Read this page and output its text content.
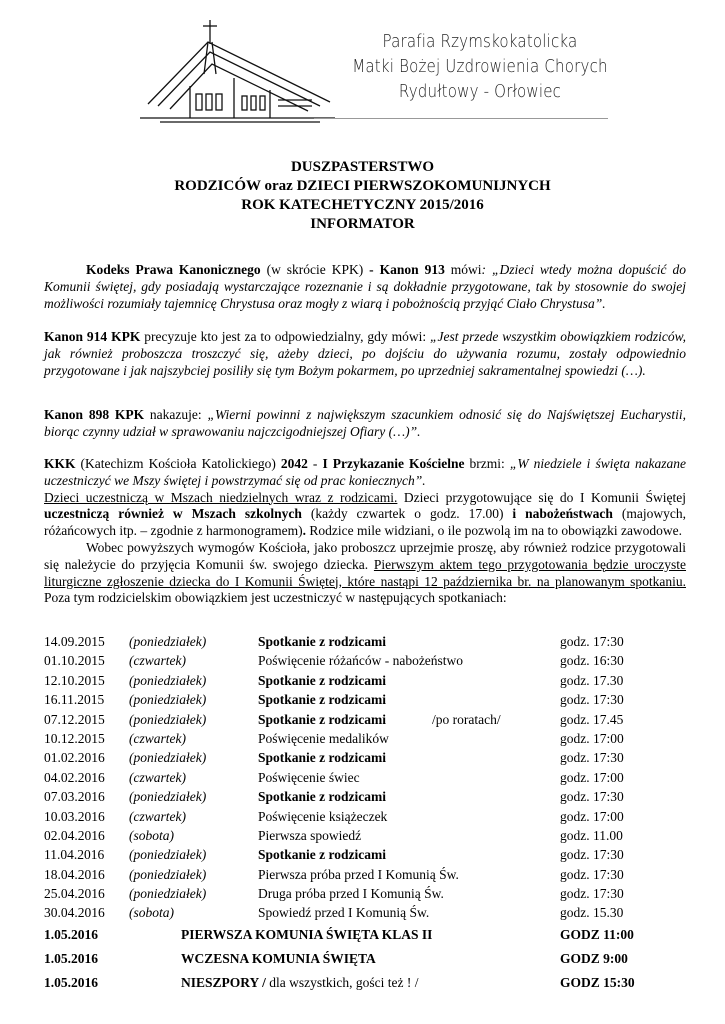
Parafia Rzymskokatolicka
Matki Bożej Uzdrowienia Chorych
Rydułtowy - Orłowiec
DUSZPASTERSTWO
RODZICÓW oraz DZIECI PIERWSZOKOMUNIJNYCH
ROK KATECHETYCZNY 2015/2016
INFORMATOR

Kodeks Prawa Kanonicznego (w skrócie KPK) - Kanon 913 mówi: „Dzieci wtedy można dopuścić do Komunii świętej, gdy posiadają wystarczające rozeznanie i są dokładnie przygotowane, tak by stosownie do swojej możliwości rozumiały tajemnicę Chrystusa oraz mogły z wiarą i pobożnością przyjąć Ciało Chrystusa”.

Kanon 914 KPK precyzuje kto jest za to odpowiedzialny, gdy mówi: „Jest przede wszystkim obowiązkiem rodziców, jak również proboszcza troszczyć się, ażeby dzieci, po dojściu do używania rozumu, zostały odpowiednio przygotowane i jak najszybciej posiliły się tym Bożym pokarmem, po uprzedniej sakramentalnej spowiedzi (…).

Kanon 898 KPK nakazuje: „Wierni powinni z największym szacunkiem odnosić się do Najświętszej Eucharystii, biorąc czynny udział w sprawowaniu najczcigodniejszej Ofiary (…)”.

KKK (Katechizm Kościoła Katolickiego) 2042 - I Przykazanie Kościelne brzmi: „W niedziele i święta nakazane uczestniczyć we Mszy świętej i powstrzymać się od prac koniecznych”.

Dzieci uczestniczą w Mszach niedzielnych wraz z rodzicami. Dzieci przygotowujące się do I Komunii Świętej uczestniczą również w Mszach szkolnych (każdy czwartek o godz. 17.00) i nabożeństwach (majowych, różańcowych itp. – zgodnie z harmonogramem). Rodzice mile widziani, o ile pozwolą im na to obowiązki zawodowe.

Wobec powyższych wymogów Kościoła, jako proboszcz uprzejmie proszę, aby również rodzice przygotowali się należycie do przyjęcia Komunii św. swojego dziecka. Pierwszym aktem tego przygotowania będzie uroczyste liturgiczne zgłoszenie dziecka do I Komunii Świętej, które nastąpi 12 października br. na planowanym spotkaniu. Poza tym rodzicielskim obowiązkiem jest uczestniczyć w następujących spotkaniach:

14.09.2015 (poniedziałek)	Spotkanie z rodzicami	godz. 17:30
01.10.2015 (czwartek)	Poświęcenie różańców - nabożeństwo	godz. 16:30
12.10.2015 (poniedziałek)	Spotkanie z rodzicami	godz. 17.30
16.11.2015 (poniedziałek)	Spotkanie z rodzicami	godz. 17:30
07.12.2015 (poniedziałek)	Spotkanie z rodzicami	/po roratach/	godz. 17.45
10.12.2015 (czwartek)	Poświęcenie medalików	godz. 17:00
01.02.2016 (poniedziałek)	Spotkanie z rodzicami	godz. 17:30
04.02.2016 (czwartek)	Poświęcenie świec	godz. 17:00
07.03.2016 (poniedziałek)	Spotkanie z rodzicami	godz. 17:30
10.03.2016 (czwartek)	Poświęcenie książeczek	godz. 17:00
02.04.2016 (sobota)	Pierwsza spowiedź	godz. 11.00
11.04.2016 (poniedziałek)	Spotkanie z rodzicami	godz. 17:30
18.04.2016 (poniedziałek)	Pierwsza próba przed I Komunią Św.	godz. 17:30
25.04.2016 (poniedziałek)	Druga próba przed I Komunią Św.	godz. 17:30
30.04.2016 (sobota)	Spowiedź przed I Komunią Św.	godz. 15.30
1.05.2016	PIERWSZA KOMUNIA ŚWIĘTA KLAS II	GODZ 11:00
1.05.2016	WCZESNA KOMUNIA ŚWIĘTA	GODZ 9:00
1.05.2016	NIESZPORY / dla wszystkich, gości też ! /	GODZ 15:30
